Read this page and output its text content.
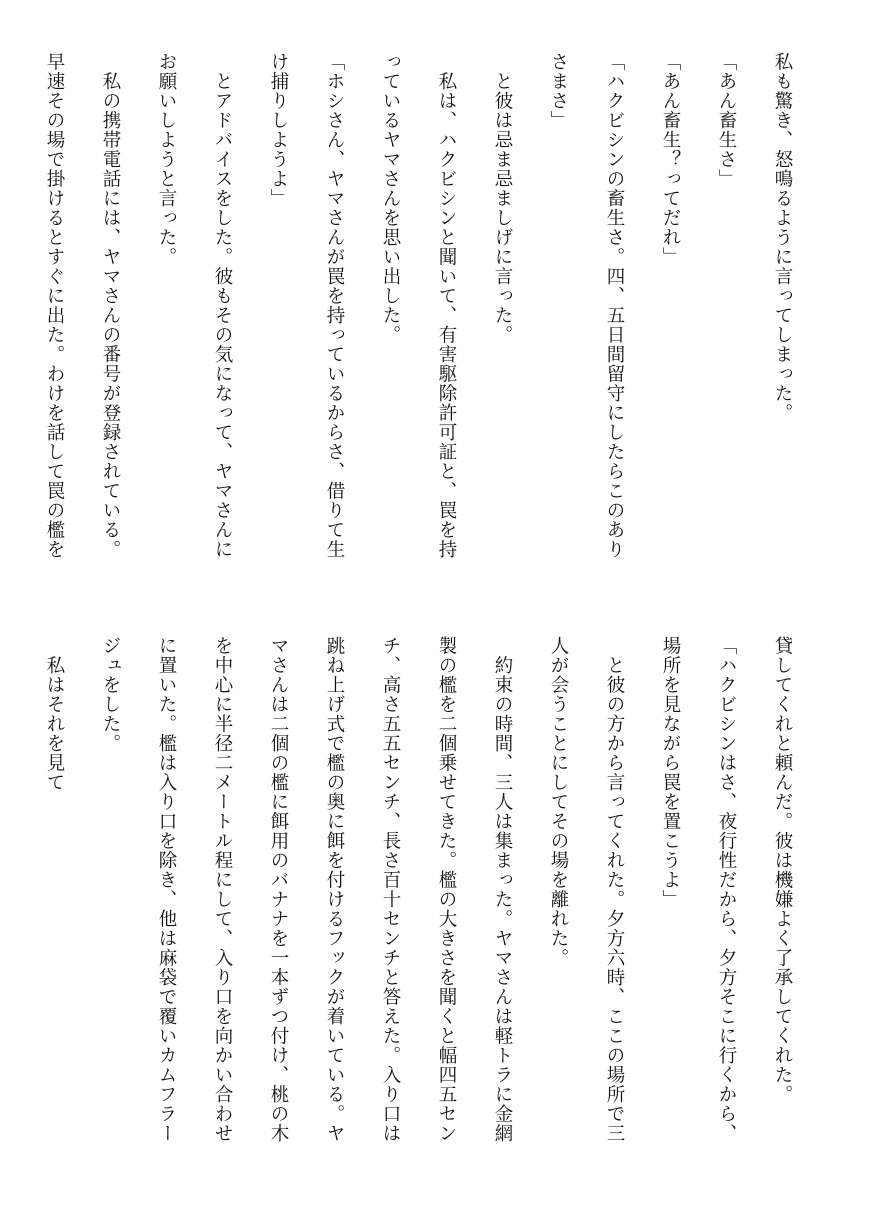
私も驚き、怒鳴るように言ってしまった。
「あん畜生さ」
「あん畜生？ってだれ」
「ハクビシンの畜生さ。四、五日間留守にしたらこのあり
さまさ」
　と彼は忌ま忌ましげに言った。
　私は、ハクビシンと聞いて、有害駆除許可証と、罠を持
っているヤマさんを思い出した。
「ホシさん、ヤマさんが罠を持っているからさ、借りて生
け捕りしようよ」
　とアドバイスをした。彼もその気になって、ヤマさんに
お願いしようと言った。
　私の携帯電話には、ヤマさんの番号が登録されている。
早速その場で掛けるとすぐに出た。わけを話して罠の檻を
貸してくれと頼んだ。彼は機嫌よく了承してくれた。
「ハクビシンはさ、夜行性だから、夕方そこに行くから、
場所を見ながら罠を置こうよ」
　と彼の方から言ってくれた。夕方六時、ここの場所で三
人が会うことにしてその場を離れた。
　約束の時間、三人は集まった。ヤマさんは軽トラに金網
製の檻を二個乗せてきた。檻の大きさを聞くと幅四五セン
チ、高さ五五センチ、長さ百十センチと答えた。入り口は
跳ね上げ式で檻の奥に餌を付けるフックが着いている。ヤ
マさんは二個の檻に餌用のバナナを一本ずつ付け、桃の木
を中心に半径二メートル程にして、入り口を向かい合わせ
に置いた。檻は入り口を除き、他は麻袋で覆いカムフラー
ジュをした。
　私はそれを見て
